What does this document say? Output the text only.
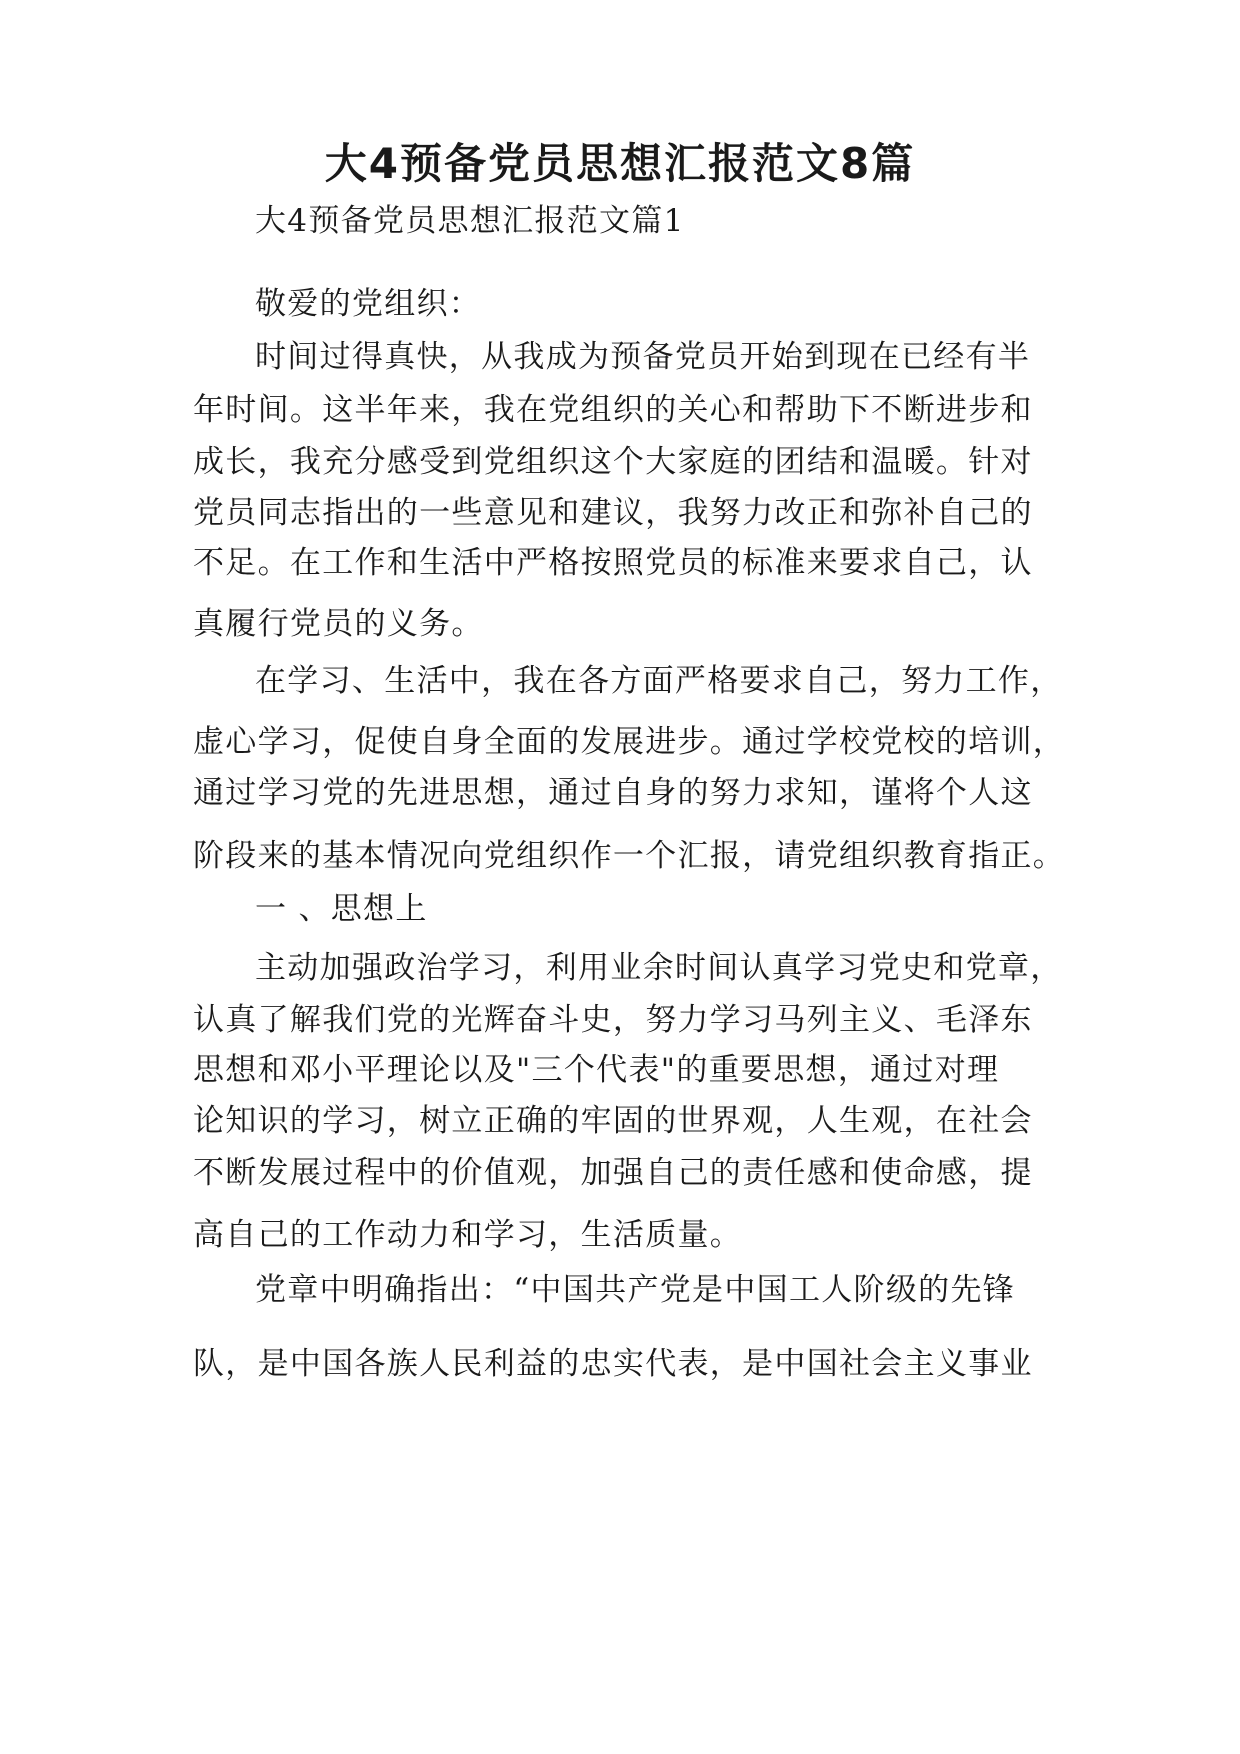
大4预备党员思想汇报范文8篇
大4预备党员思想汇报范文篇1
敬爱的党组织：
时间过得真快，从我成为预备党员开始到现在已经有半
年时间。这半年来，我在党组织的关心和帮助下不断进步和
成长，我充分感受到党组织这个大家庭的团结和温暖。针对
党员同志指出的一些意见和建议，我努力改正和弥补自己的
不足。在工作和生活中严格按照党员的标准来要求自己，认
真履行党员的义务。
在学习、生活中，我在各方面严格要求自己，努力工作，
虚心学习，促使自身全面的发展进步。通过学校党校的培训，
通过学习党的先进思想，通过自身的努力求知，谨将个人这
阶段来的基本情况向党组织作一个汇报，请党组织教育指正。
一 、思想上
主动加强政治学习，利用业余时间认真学习党史和党章，
认真了解我们党的光辉奋斗史，努力学习马列主义、毛泽东
思想和邓小平理论以及"三个代表"的重要思想，通过对理
论知识的学习，树立正确的牢固的世界观，人生观，在社会
不断发展过程中的价值观，加强自己的责任感和使命感，提
高自己的工作动力和学习，生活质量。
党章中明确指出：“中国共产党是中国工人阶级的先锋
队，是中国各族人民利益的忠实代表，是中国社会主义事业
